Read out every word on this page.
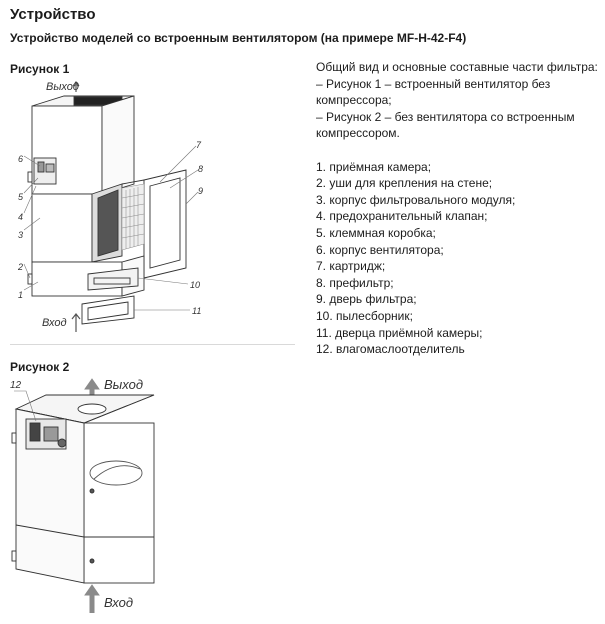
Устройство
Устройство моделей со встроенным вентилятором (на примере MF-H-42-F4)
Рисунок 1
Выход
Вход
6
5
4
3
2
1
7
8
9
10
11
Рисунок 2
Выход
Вход
12

Общий вид и основные составные части фильтра:

– Рисунок 1 – встроенный вентилятор без компрессора;

– Рисунок 2 – без вентилятора со встроенным компрессором.

1. приёмная камера;
2. уши для крепления на стене;
3. корпус фильтровального модуля;
4. предохранительный клапан;
5. клеммная коробка;
6. корпус вентилятора;
7. картридж;
8. префильтр;
9. дверь фильтра;
10. пылесборник;
11. дверца приёмной камеры;
12. влагомаслоотделитель
